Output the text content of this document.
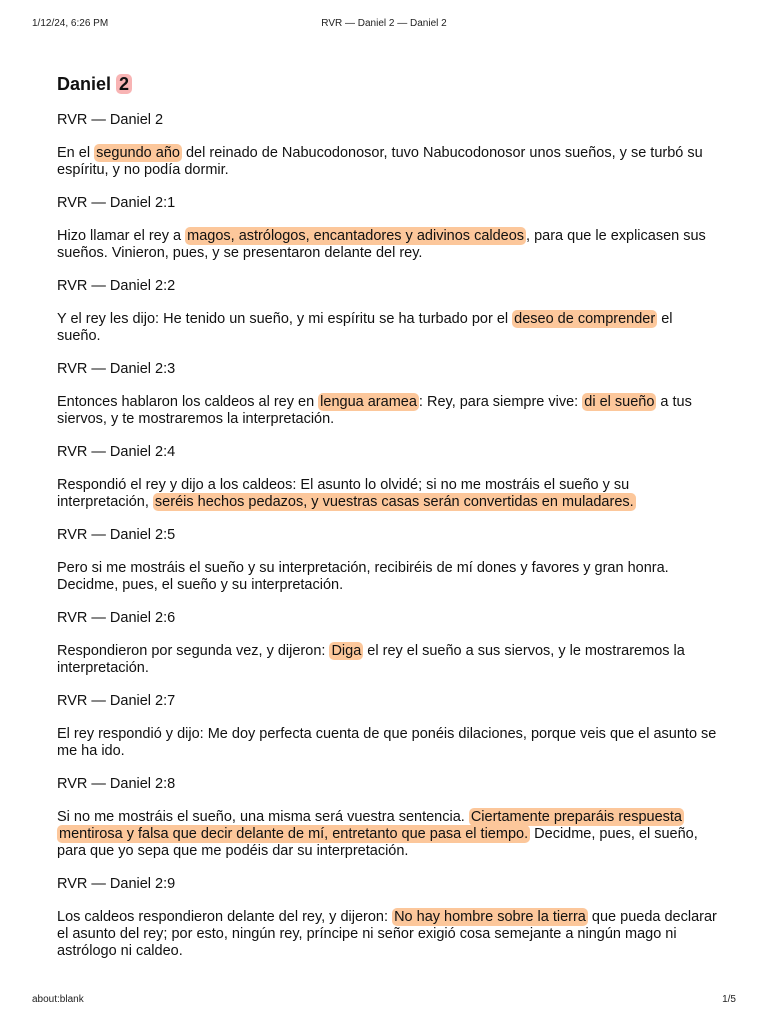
1/12/24, 6:26 PM	RVR — Daniel 2 — Daniel 2
Daniel 2
RVR — Daniel 2
En el segundo año del reinado de Nabucodonosor, tuvo Nabucodonosor unos sueños, y se turbó su espíritu, y no podía dormir.
RVR — Daniel 2:1
Hizo llamar el rey a magos, astrólogos, encantadores y adivinos caldeos , para que le explicasen sus sueños. Vinieron, pues, y se presentaron delante del rey.
RVR — Daniel 2:2
Y el rey les dijo: He tenido un sueño, y mi espíritu se ha turbado por el deseo de comprender el sueño.
RVR — Daniel 2:3
Entonces hablaron los caldeos al rey en lengua aramea : Rey, para siempre vive: di el sueño a tus siervos, y te mostraremos la interpretación.
RVR — Daniel 2:4
Respondió el rey y dijo a los caldeos: El asunto lo olvidé; si no me mostráis el sueño y su interpretación, seréis hechos pedazos, y vuestras casas serán convertidas en muladares.
RVR — Daniel 2:5
Pero si me mostráis el sueño y su interpretación, recibiréis de mí dones y favores y gran honra. Decidme, pues, el sueño y su interpretación.
RVR — Daniel 2:6
Respondieron por segunda vez, y dijeron: Diga el rey el sueño a sus siervos, y le mostraremos la interpretación.
RVR — Daniel 2:7
El rey respondió y dijo: Me doy perfecta cuenta de que ponéis dilaciones, porque veis que el asunto se me ha ido.
RVR — Daniel 2:8
Si no me mostráis el sueño, una misma será vuestra sentencia. Ciertamente preparáis respuesta mentirosa y falsa que decir delante de mí, entretanto que pasa el tiempo. Decidme, pues, el sueño, para que yo sepa que me podéis dar su interpretación.
RVR — Daniel 2:9
Los caldeos respondieron delante del rey, y dijeron: No hay hombre sobre la tierra que pueda declarar el asunto del rey; por esto, ningún rey, príncipe ni señor exigió cosa semejante a ningún mago ni astrólogo ni caldeo.
about:blank	1/5
